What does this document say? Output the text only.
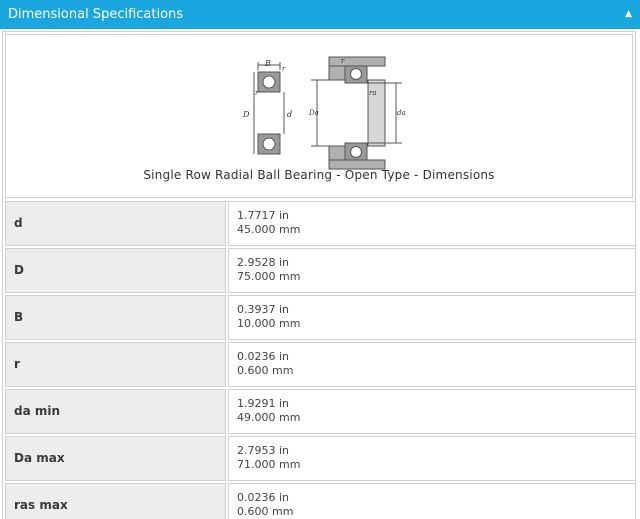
Dimensional Specifications	▲
B
r
r
D	d Da	da
ra
r
Single Row Radial Ball Bearing - Open Type - Dimensions
d
1.7717 in
45.000 mm
D
2.9528 in
75.000 mm
B
0.3937 in
10.000 mm
r
0.0236 in
0.600 mm
da min
1.9291 in
49.000 mm
Da max
2.7953 in
71.000 mm
ras max
0.0236 in
0.600 mm
